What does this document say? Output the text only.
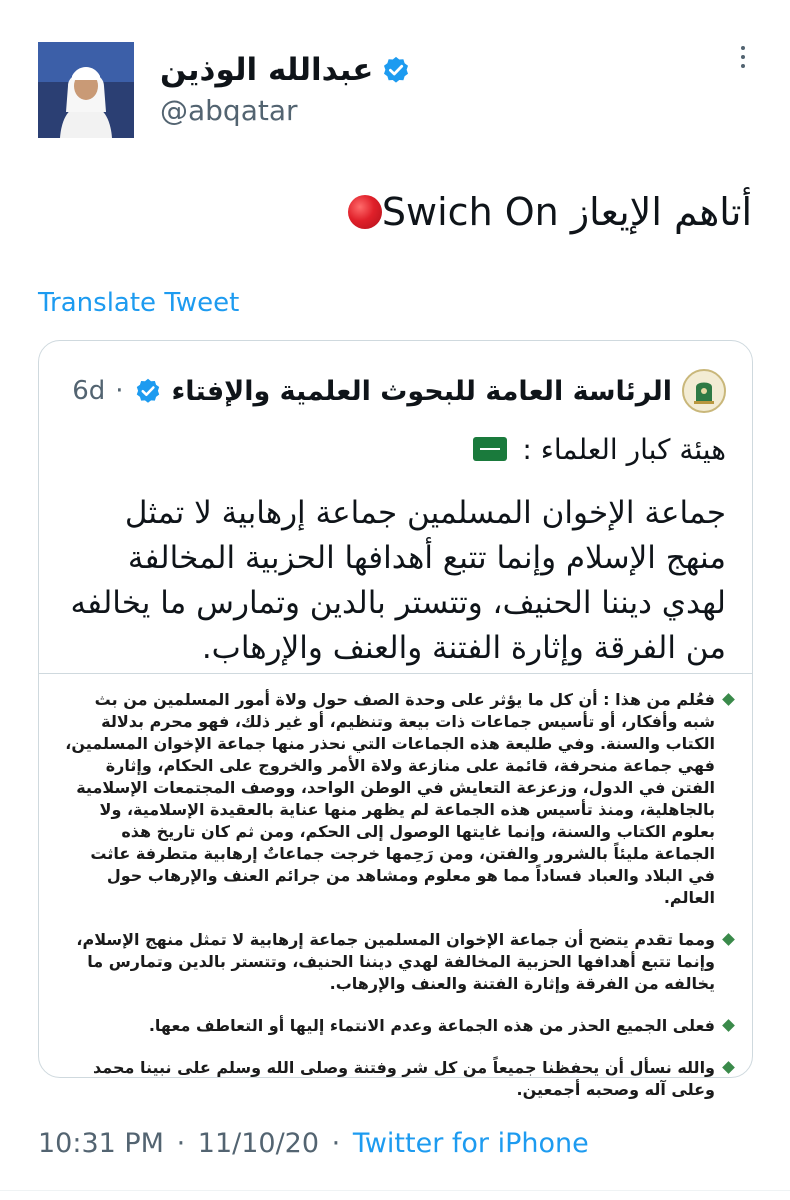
عبدالله الوذين
@abqatar
أتاهم الإيعاز Swich On
Translate Tweet
الرئاسة العامة للبحوث العلمية والإفتاء
·
6d
هيئة كبار العلماء :
جماعة الإخوان المسلمين جماعة إرهابية لا تمثل منهج الإسلام وإنما تتبع أهدافها الحزبية المخالفة لهدي ديننا الحنيف، وتتستر بالدين وتمارس ما يخالفه من الفرقة وإثارة الفتنة والعنف والإرهاب.
فعُلم من هذا : أن كل ما يؤثر على وحدة الصف حول ولاة أمور المسلمين من بث شبه وأفكار، أو تأسيس جماعات ذات بيعة وتنظيم، أو غير ذلك، فهو محرم بدلالة الكتاب والسنة. وفي طليعة هذه الجماعات التي نحذر منها جماعة الإخوان المسلمين، فهي جماعة منحرفة، قائمة على منازعة ولاة الأمر والخروج على الحكام، وإثارة الفتن في الدول، وزعزعة التعايش في الوطن الواحد، ووصف المجتمعات الإسلامية بالجاهلية، ومنذ تأسيس هذه الجماعة لم يظهر منها عناية بالعقيدة الإسلامية، ولا بعلوم الكتاب والسنة، وإنما غايتها الوصول إلى الحكم، ومن ثم كان تاريخ هذه الجماعة مليئاً بالشرور والفتن، ومن رَحِمها خرجت جماعاتٌ إرهابية متطرفة عاثت في البلاد والعباد فساداً مما هو معلوم ومشاهد من جرائم العنف والإرهاب حول العالم.
ومما تقدم يتضح أن جماعة الإخوان المسلمين جماعة إرهابية لا تمثل منهج الإسلام، وإنما تتبع أهدافها الحزبية المخالفة لهدي ديننا الحنيف، وتتستر بالدين وتمارس ما يخالفه من الفرقة وإثارة الفتنة والعنف والإرهاب.
فعلى الجميع الحذر من هذه الجماعة وعدم الانتماء إليها أو التعاطف معها.
والله نسأل أن يحفظنا جميعاً من كل شر وفتنة وصلى الله وسلم على نبينا محمد وعلى آله وصحبه أجمعين.
10:31 PM · 11/10/20 · Twitter for iPhone
